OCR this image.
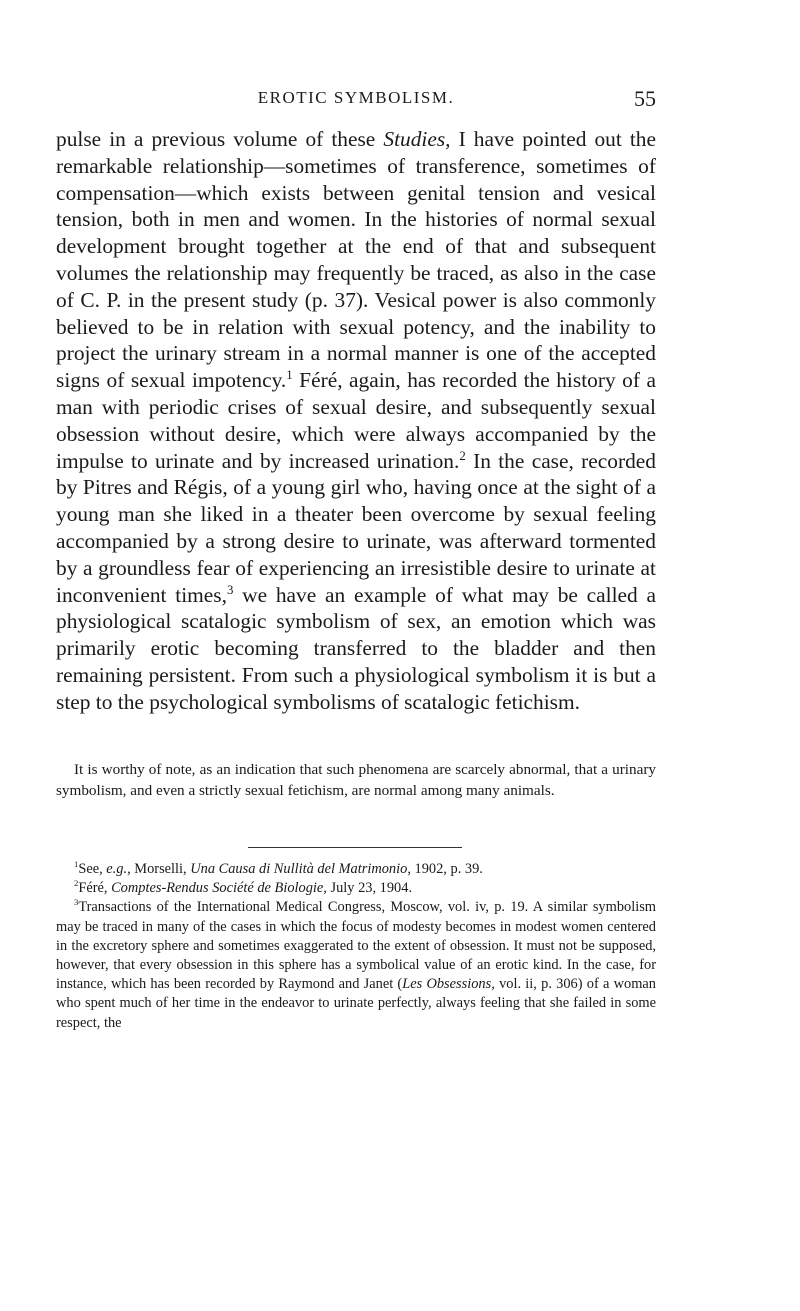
EROTIC SYMBOLISM.	55

pulse in a previous volume of these Studies, I have pointed out the remarkable relationship—sometimes of transference, sometimes of compensation—which exists between genital tension and vesical tension, both in men and women. In the histories of normal sexual development brought together at the end of that and subsequent volumes the relationship may frequently be traced, as also in the case of C. P. in the present study (p. 37). Vesical power is also commonly believed to be in relation with sexual potency, and the inability to project the urinary stream in a normal manner is one of the accepted signs of sexual impotency.$^1$ Féré, again, has recorded the history of a man with periodic crises of sexual desire, and subsequently sexual obsession without desire, which were always accompanied by the impulse to urinate and by increased urination.$^2$ In the case, recorded by Pitres and Régis, of a young girl who, having once at the sight of a young man she liked in a theater been overcome by sexual feeling accompanied by a strong desire to urinate, was afterward tormented by a groundless fear of experiencing an irresistible desire to urinate at inconvenient times,$^3$ we have an example of what may be called a physiological scatalogic symbolism of sex, an emotion which was primarily erotic becoming transferred to the bladder and then remaining persistent. From such a physiological symbolism it is but a step to the psychological symbolisms of scatalogic fetichism.

It is worthy of note, as an indication that such phenomena are scarcely abnormal, that a urinary symbolism, and even a strictly sexual fetichism, are normal among many animals.

$^1$See, e.g., Morselli, Una Causa di Nullità del Matrimonio, 1902, p. 39.

$^2$Féré, Comptes-Rendus Société de Biologie, July 23, 1904.

$^3$Transactions of the International Medical Congress, Moscow, vol. iv, p. 19. A similar symbolism may be traced in many of the cases in which the focus of modesty becomes in modest women centered in the excretory sphere and sometimes exaggerated to the extent of obsession. It must not be supposed, however, that every obsession in this sphere has a symbolical value of an erotic kind. In the case, for instance, which has been recorded by Raymond and Janet (Les Obsessions, vol. ii, p. 306) of a woman who spent much of her time in the endeavor to urinate perfectly, always feeling that she failed in some respect, the
